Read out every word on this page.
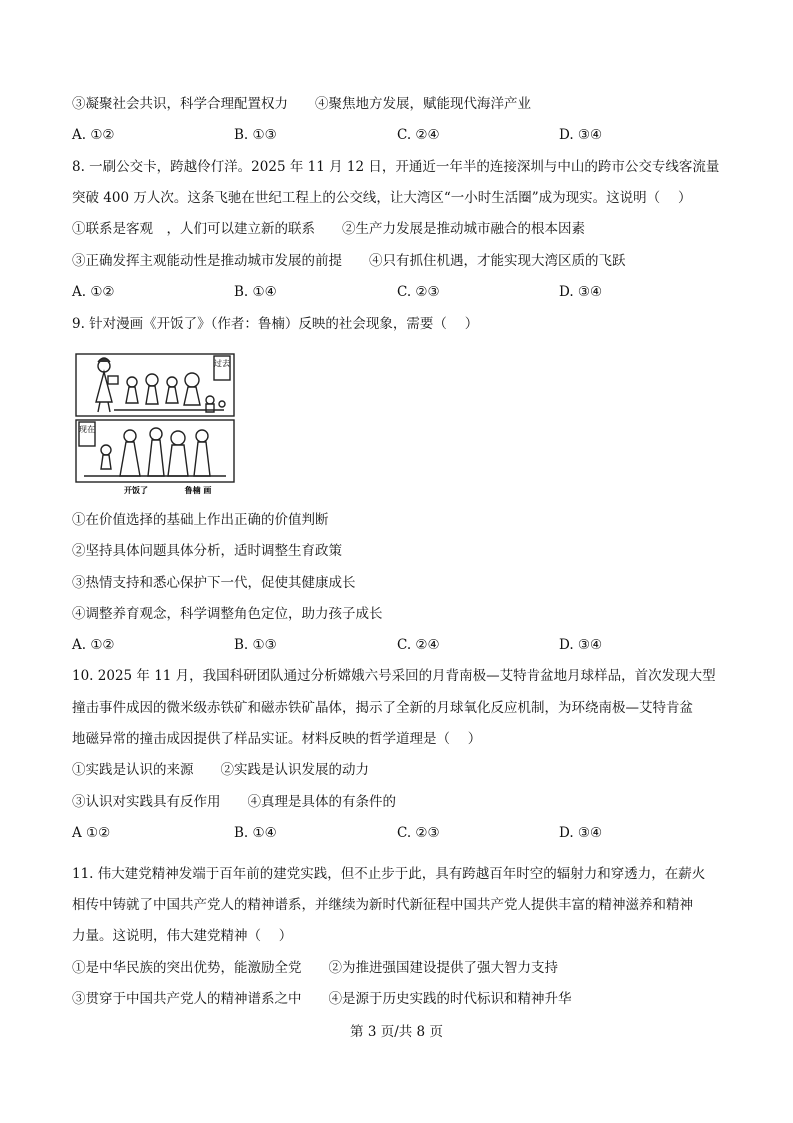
③凝聚社会共识，科学合理配置权力　　④聚焦地方发展，赋能现代海洋产业
A. ①②	B. ①③	C. ②④	D. ③④
8. 一刷公交卡，跨越伶仃洋。2025 年 11 月 12 日，开通近一年半的连接深圳与中山的跨市公交专线客流量
突破 400 万人次。这条飞驰在世纪工程上的公交线，让大湾区“一小时生活圈”成为现实。这说明（　 ）
①联系是客观　，人们可以建立新的联系　　②生产力发展是推动城市融合的根本因素
③正确发挥主观能动性是推动城市发展的前提　　④只有抓住机遇，才能实现大湾区质的飞跃
A. ①②	B. ①④	C. ②③	D. ③④
9. 针对漫画《开饭了》（作者：鲁楠）反映的社会现象，需要（　 ）
过去
现在
开饭了	鲁楠 画
①在价值选择的基础上作出正确的价值判断
②坚持具体问题具体分析，适时调整生育政策
③热情支持和悉心保护下一代，促使其健康成长
④调整养育观念，科学调整角色定位，助力孩子成长
A. ①②	B. ①③	C. ②④	D. ③④
10. 2025 年 11 月，我国科研团队通过分析嫦娥六号采回的月背南极—艾特肯盆地月球样品，首次发现大型
撞击事件成因的微米级赤铁矿和磁赤铁矿晶体，揭示了全新的月球氧化反应机制，为环绕南极—艾特肯盆
地磁异常的撞击成因提供了样品实证。材料反映的哲学道理是（　 ）
①实践是认识的来源　　②实践是认识发展的动力
③认识对实践具有反作用　　④真理是具体的有条件的
A ①②	B. ①④	C. ②③	D. ③④
11. 伟大建党精神发端于百年前的建党实践，但不止步于此，具有跨越百年时空的辐射力和穿透力，在薪火
相传中铸就了中国共产党人的精神谱系，并继续为新时代新征程中国共产党人提供丰富的精神滋养和精神
力量。这说明，伟大建党精神（　 ）
①是中华民族的突出优势，能激励全党　　②为推进强国建设提供了强大智力支持
③贯穿于中国共产党人的精神谱系之中　　④是源于历史实践的时代标识和精神升华
第 3 页/共 8 页
